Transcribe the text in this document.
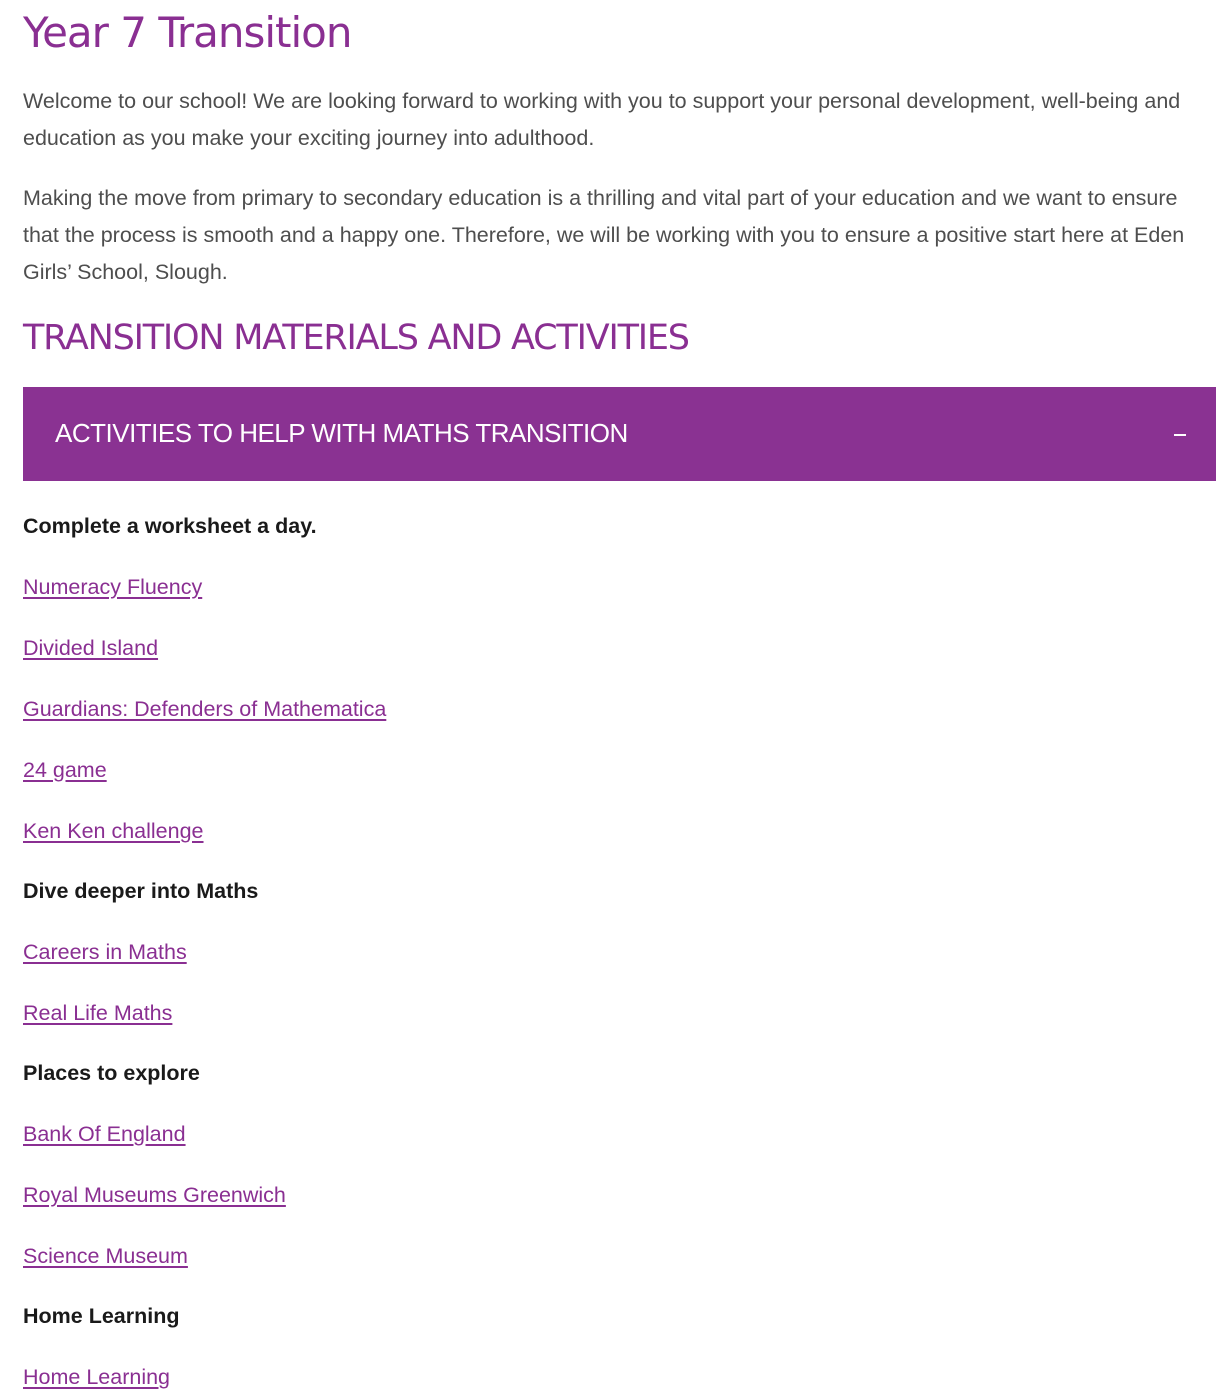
Year 7 Transition

Welcome to our school! We are looking forward to working with you to support your personal development, well-being and education as you make your exciting journey into adulthood.

Making the move from primary to secondary education is a thrilling and vital part of your education and we want to ensure that the process is smooth and a happy one. Therefore, we will be working with you to ensure a positive start here at Eden Girls’ School, Slough.

TRANSITION MATERIALS AND ACTIVITIES
ACTIVITIES TO HELP WITH MATHS TRANSITION
Complete a worksheet a day.
Numeracy Fluency
Divided Island
Guardians: Defenders of Mathematica
24 game
Ken Ken challenge
Dive deeper into Maths
Careers in Maths
Real Life Maths
Places to explore
Bank Of England
Royal Museums Greenwich
Science Museum
Home Learning
Home Learning
